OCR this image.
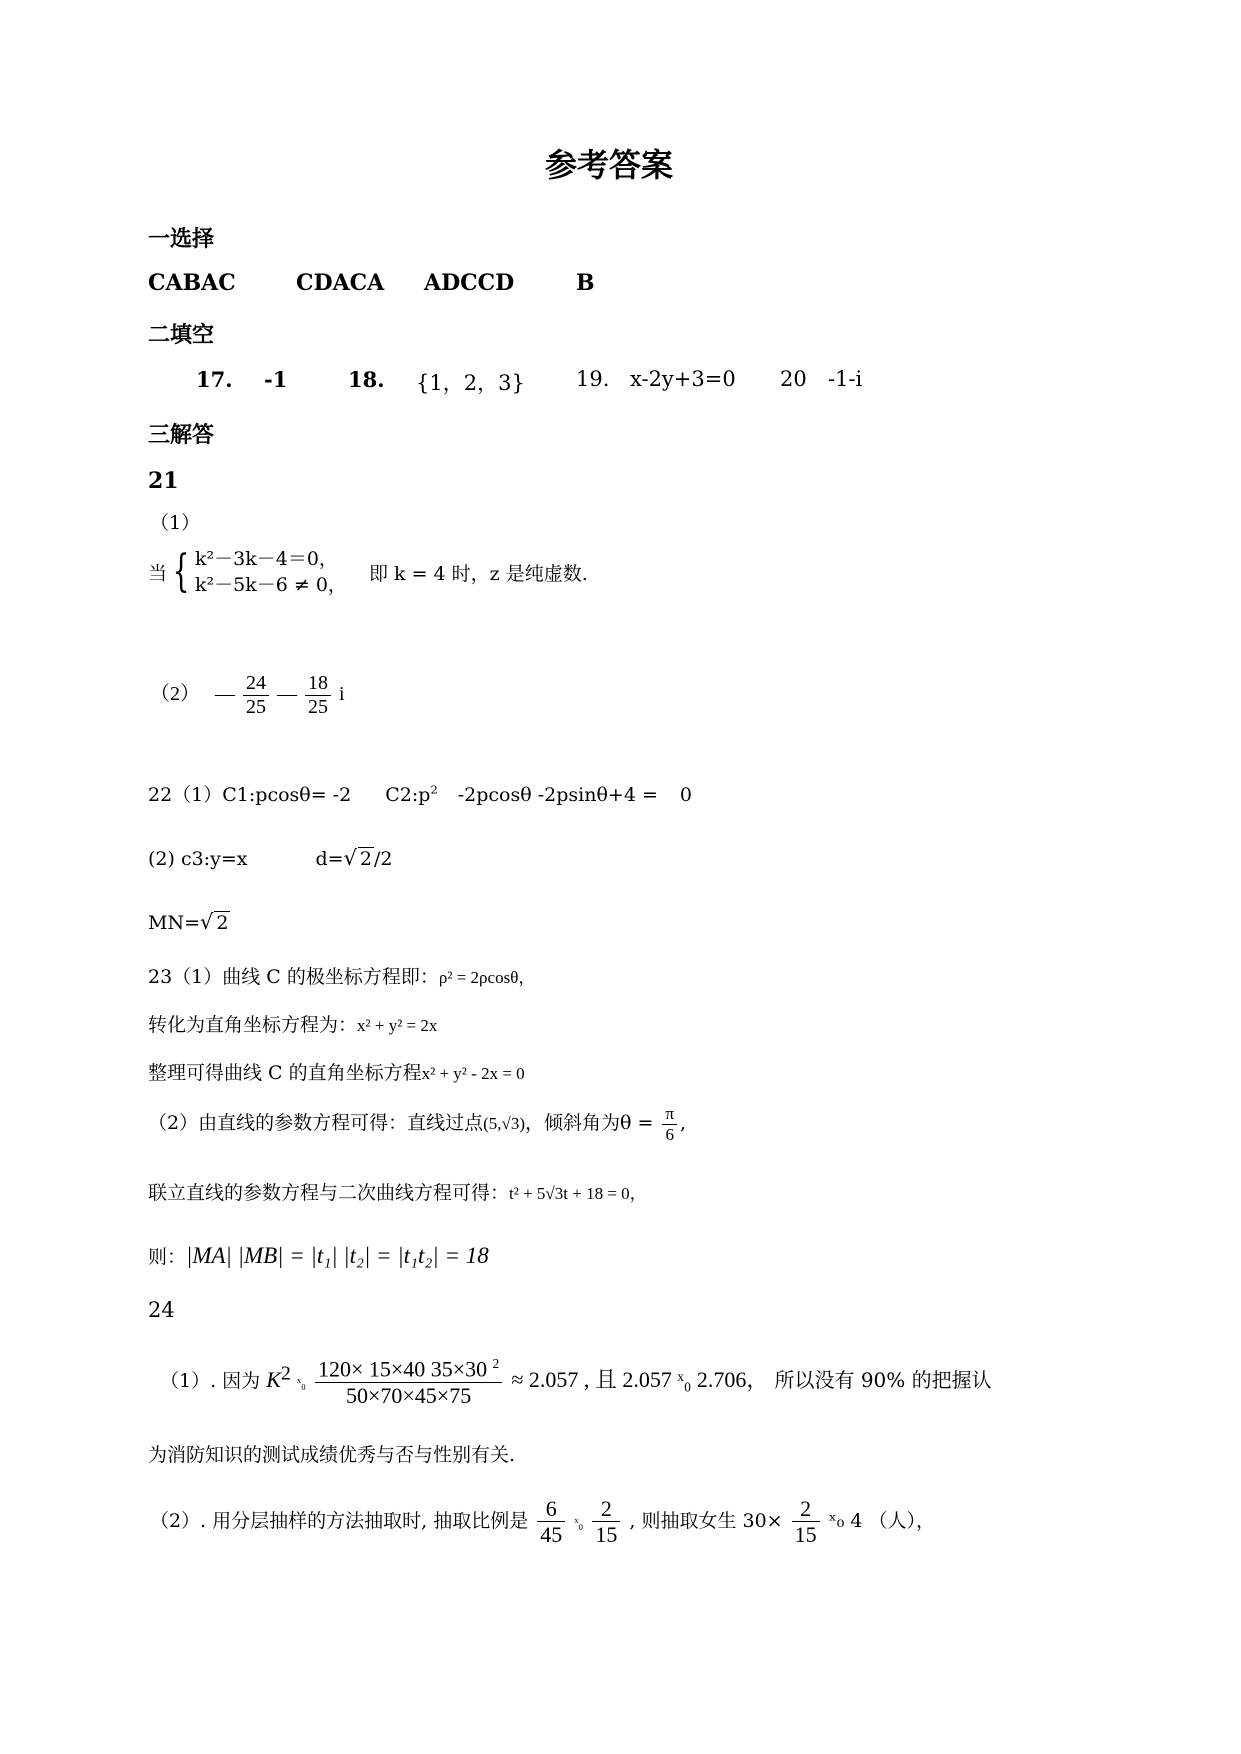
参考答案
一选择
CABAC	CDACA ADCCD	B
二填空
17. -1	18. {1，2，3} 19. x-2y+3=0 20 -1-i
三解答
21
（1）
当 { k²－3k－4＝0，
k²－5k－6 ≠ 0，
即 k = 4 时，z 是纯虚数.
（2） — $\frac{24}{25}$ — $\frac{18}{25}$ i
22（1）C1:pcosθ= -2 $C2:p^2$ -2pcosθ -2psinθ+4 = 0
(2) c3:y=x	d=√ 2 /2
MN=√ 2
23（1）曲线 C 的极坐标方程即：ρ² = 2ρcosθ，
转化为直角坐标方程为：x² + y² = 2x
整理可得曲线 C 的直角坐标方程x² + y² - 2x = 0
（2）由直线的参数方程可得：直线过点(5,√3)，倾斜角为$\theta = \frac{\pi}{6}$ ,
联立直线的参数方程与二次曲线方程可得：t² + 5√3t + 18 = 0，
则：|MA| |MB| = |t₁| |t₂| = |t₁t₂| = 18
24
（1）. 因为 $K^2$ ˣ₀ $\frac{120\times 15\times 40 35\times 30 ^2}{50\times 70\times 45\times 75} \approx 2.057$ , 且 2.057 ˣ₀ 2.706， 所以没有 90% 的把握认
为消防知识的测试成绩优秀与否与性别有关.
（2）. 用分层抽样的方法抽取时, 抽取比例是 $\frac{6}{45}$ ˣ₀ $\frac{2}{15}$ , 则抽取女生 $30\times \frac{2}{15}$ ˣ₀ 4 （人），
